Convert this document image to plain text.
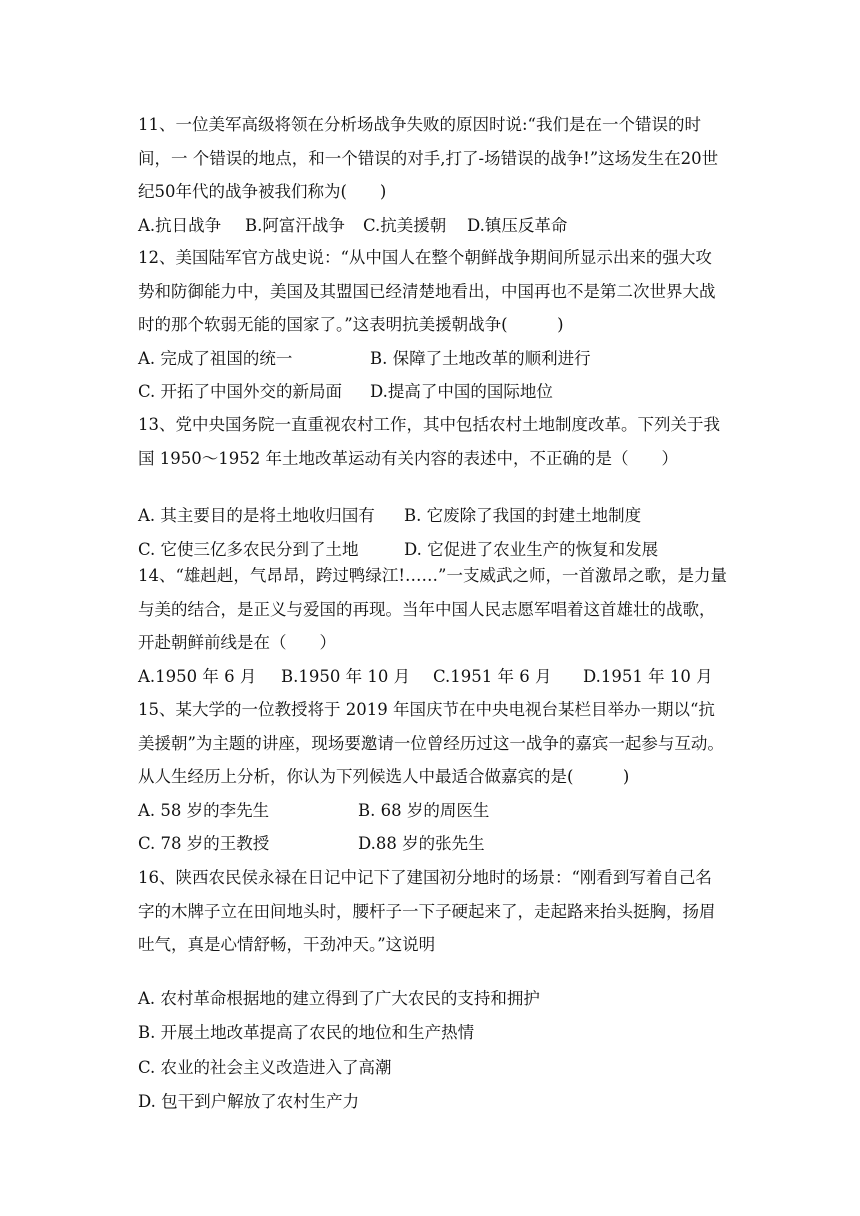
11、一位美军高级将领在分析场战争失败的原因时说:“我们是在一个错误的时间，一 个错误的地点，和一个错误的对手,打了-场错误的战争!”这场发生在20世纪50年代的战争被我们称为(　　)

A.抗日战争	B.阿富汗战争	C.抗美援朝	D.镇压反革命

12、美国陆军官方战史说：“从中国人在整个朝鲜战争期间所显示出来的强大攻势和防御能力中，美国及其盟国已经清楚地看出，中国再也不是第二次世界大战时的那个软弱无能的国家了。”这表明抗美援朝战争(　　　)

A. 完成了祖国的统一	B. 保障了土地改革的顺利进行
C. 开拓了中国外交的新局面	D.提高了中国的国际地位

13、党中央国务院一直重视农村工作，其中包括农村土地制度改革。下列关于我国 1950～1952 年土地改革运动有关内容的表述中，不正确的是（　　）

A. 其主要目的是将土地收归国有	B. 它废除了我国的封建土地制度
C. 它使三亿多农民分到了土地	D. 它促进了农业生产的恢复和发展

14、“雄赳赳，气昂昂，跨过鸭绿江!……”一支威武之师，一首激昂之歌，是力量与美的结合，是正义与爱国的再现。当年中国人民志愿军唱着这首雄壮的战歌，开赴朝鲜前线是在（　　）

A.1950 年 6 月	B.1950 年 10 月	C.1951 年 6 月	D.1951 年 10 月

15、某大学的一位教授将于 2019 年国庆节在中央电视台某栏目举办一期以“抗美援朝”为主题的讲座，现场要邀请一位曾经历过这一战争的嘉宾一起参与互动。从人生经历上分析，你认为下列候选人中最适合做嘉宾的是(　　　)

A. 58 岁的李先生	B. 68 岁的周医生
C. 78 岁的王教授	D.88 岁的张先生

16、陕西农民侯永禄在日记中记下了建国初分地时的场景：“刚看到写着自己名字的木牌子立在田间地头时，腰杆子一下子硬起来了，走起路来抬头挺胸，扬眉吐气，真是心情舒畅，干劲冲天。”这说明

A. 农村革命根据地的建立得到了广大农民的支持和拥护
B. 开展土地改革提高了农民的地位和生产热情
C. 农业的社会主义改造进入了高潮
D. 包干到户解放了农村生产力
